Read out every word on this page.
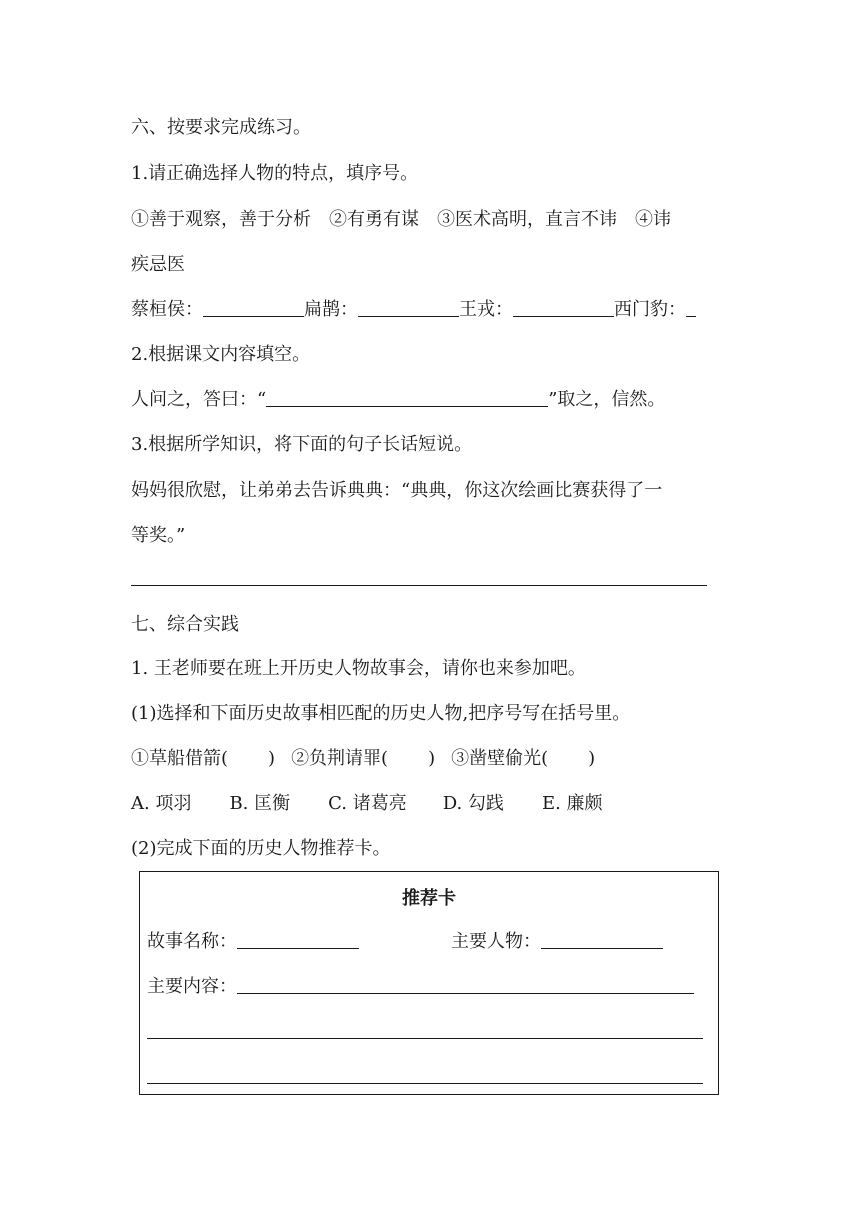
六、按要求完成练习。
1.请正确选择人物的特点，填序号。
①善于观察，善于分析　②有勇有谋　③医术高明，直言不讳　④讳
疾忌医
蔡桓侯：	扁鹊：	王戎：	西门豹：
2.根据课文内容填空。
人问之，答曰：“	”取之，信然。
3.根据所学知识，将下面的句子长话短说。
妈妈很欣慰，让弟弟去告诉典典：“典典，你这次绘画比赛获得了一
等奖。”
七、综合实践
1. 王老师要在班上开历史人物故事会，请你也来参加吧。
(1)选择和下面历史故事相匹配的历史人物,把序号写在括号里。
①草船借箭( ) ②负荆请罪( ) ③凿壁偷光( )
A. 项羽 B. 匡衡 C. 诸葛亮 D. 勾践 E. 廉颇
(2)完成下面的历史人物推荐卡。
推荐卡
故事名称：	主要人物：
主要内容：
